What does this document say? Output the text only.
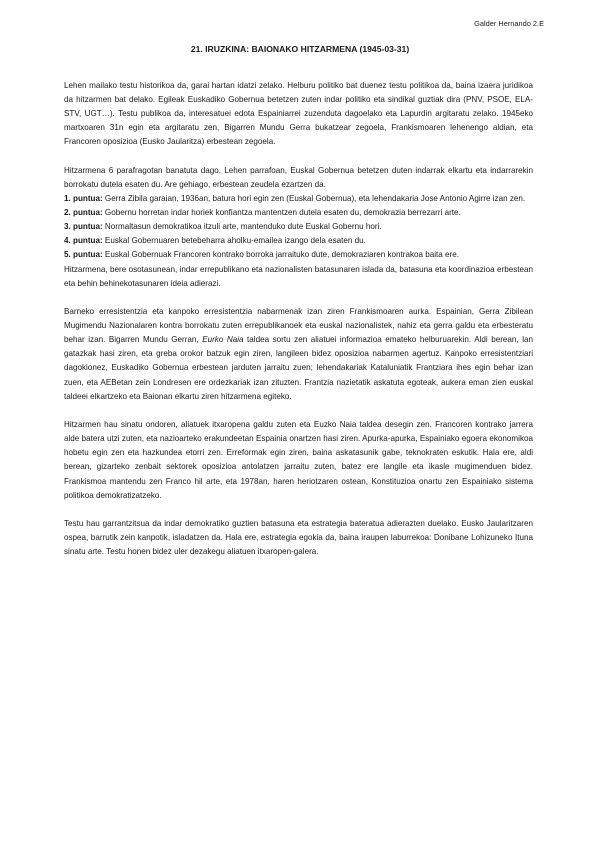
Galder Hernando 2.E
21. IRUZKINA: BAIONAKO HITZARMENA (1945-03-31)

Lehen mailako testu historikoa da, garai hartan idatzi zelako. Helburu politiko bat duenez testu politikoa da, baina izaera juridikoa da hitzarmen bat delako. Egileak Euskadiko Gobernua betetzen zuten indar politiko eta sindikal guztiak dira (PNV, PSOE, ELA-STV, UGT…). Testu publikoa da, interesatuei edota Espainiarrei zuzenduta dagoelako eta Lapurdin argitaratu zelako. 1945eko martxoaren 31n egin eta argitaratu zen, Bigarren Mundu Gerra bukatzear zegoela, Frankismoaren lehenengo aldian, eta Francoren oposizioa (Eusko Jaularitza) erbestean zegoela.

Hitzarmena 6 parafragotan banatuta dago. Lehen parrafoan, Euskal Gobernua betetzen duten indarrak elkartu eta indarrarekin borrokatu dutela esaten du. Are gehiago, erbestean zeudela ezartzen da.

1. puntua: Gerra Zibila garaian, 1936an, batura hori egin zen (Euskal Gobernua), eta lehendakaria Jose Antonio Agirre izan zen.

2. puntua: Gobernu horretan indar horiek konfiantza mantentzen dutela esaten du, demokrazia berrezarri arte.

3. puntua: Normaltasun demokratikoa itzuli arte, mantenduko dute Euskal Gobernu hori.

4. puntua: Euskal Gobernuaren betebeharra aholku-emailea izango dela esaten du.

5. puntua: Euskal Gobernuak Francoren kontrako borroka jarraituko dute, demokraziaren kontrakoa baita ere.

Hitzarmena, bere osotasunean, indar errepublikano eta nazionalisten batasunaren islada da, batasuna eta koordinazioa erbestean eta behin behinekotasunaren ideia adierazi.

Barneko erresistentzia eta kanpoko erresistentzia nabarmenak izan ziren Frankismoaren aurka. Espainian, Gerra Zibilean Mugimendu Nazionalaren kontra borrokatu zuten errepublikanoek eta euskal nazionalistek, nahiz eta gerra galdu eta erbesteratu behar izan. Bigarren Mundu Gerran, Eurko Naia taldea sortu zen aliatuei informazioa emateko helburuarekin. Aldi berean, lan gatazkak hasi ziren, eta greba orokor batzuk egin ziren, langileen bidez oposizioa nabarmen agertuz. Kanpoko erresistentziari dagokionez, Euskadiko Gobernua erbestean jarduten jarraitu zuen; lehendakariak Kataluniatik Frantziara ihes egin behar izan zuen, eta AEBetan zein Londresen ere ordezkariak izan zituzten. Frantzia nazietatik askatuta egoteak, aukera eman zien euskal taldeei elkartzeko eta Baionan elkartu ziren hitzarmena egiteko.

Hitzarmen hau sinatu ondoren, aliatuek itxaropena galdu zuten eta Euzko Naia taldea desegin zen. Francoren kontrako jarrera alde batera utzi zuten, eta nazioarteko erakundeetan Espainia onartzen hasi ziren. Apurka-apurka, Espainiako egoera ekonomikoa hobetu egin zen eta hazkundea etorri zen. Erreformak egin ziren, baina askatasunik gabe, teknokraten eskutik. Hala ere, aldi berean, gizarteko zenbait sektorek oposizioa antolatzen jarraitu zuten, batez ere langile eta ikasle mugimenduen bidez. Frankismoa mantendu zen Franco hil arte, eta 1978an, haren heriotzaren ostean, Konstituzioa onartu zen Espainiako sistema politikoa demokratizatzeko.

Testu hau garrantzitsua da indar demokratiko guztien batasuna eta estrategia bateratua adierazten duelako. Eusko Jaularitzaren ospea, barrutik zein kanpotik, isladatzen da. Hala ere, estrategia egokia da, baina iraupen laburrekoa: Donibane Lohizuneko Ituna sinatu arte. Testu honen bidez uler dezakegu aliatuen itxaropen-galera.
